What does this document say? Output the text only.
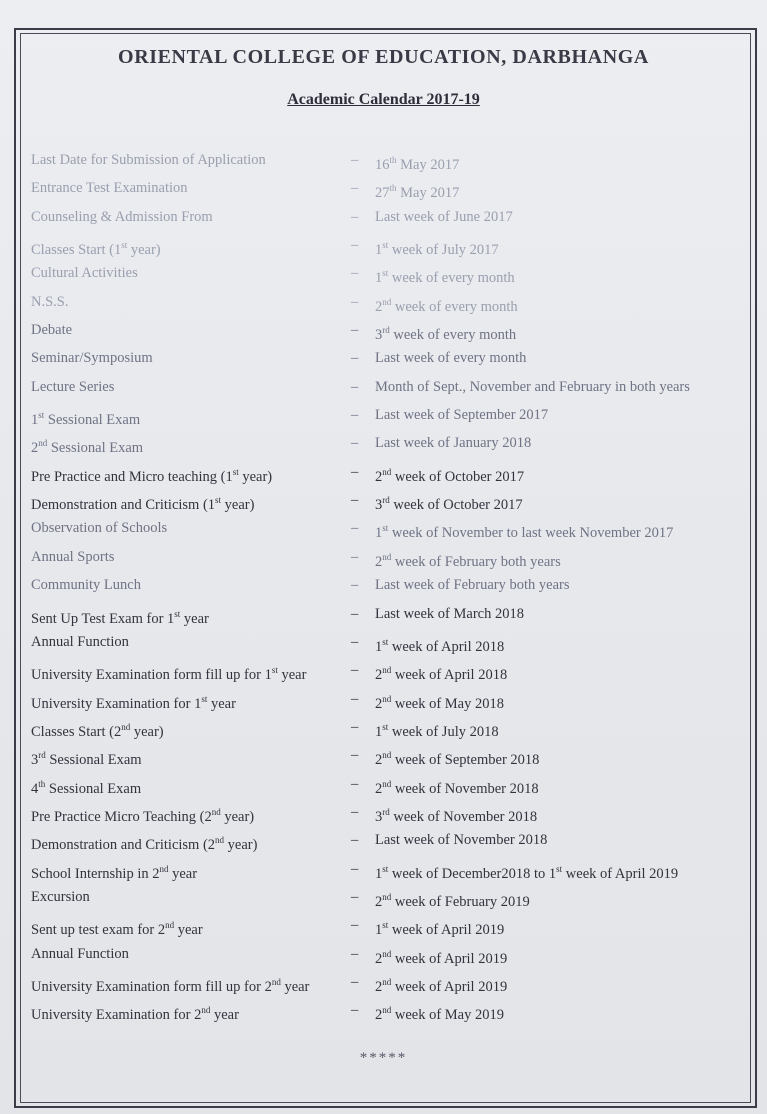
ORIENTAL COLLEGE OF EDUCATION, DARBHANGA
Academic Calendar 2017-19
Last Date for Submission of Application	– 16th May 2017
Entrance Test Examination	– 27th May 2017
Counseling & Admission From	– Last week of June 2017
Classes Start (1st year)	– 1st week of July 2017
Cultural Activities	– 1st week of every month
N.S.S.	– 2nd week of every month
Debate	– 3rd week of every month
Seminar/Symposium	– Last week of every month
Lecture Series	– Month of Sept., November and February in both years
1st Sessional Exam	– Last week of September 2017
2nd Sessional Exam	– Last week of January 2018
Pre Practice and Micro teaching (1st year)	– 2nd week of October 2017
Demonstration and Criticism (1st year)	– 3rd week of October 2017
Observation of Schools	– 1st week of November to last week November 2017
Annual Sports	– 2nd week of February both years
Community Lunch	– Last week of February both years
Sent Up Test Exam for 1st year	– Last week of March 2018
Annual Function	– 1st week of April 2018
University Examination form fill up for 1st year	– 2nd week of April 2018
University Examination for 1st year	– 2nd week of May 2018
Classes Start (2nd year)	– 1st week of July 2018
3rd Sessional Exam	– 2nd week of September 2018
4th Sessional Exam	– 2nd week of November 2018
Pre Practice Micro Teaching (2nd year)	– 3rd week of November 2018
Demonstration and Criticism (2nd year)	– Last week of November 2018
School Internship in 2nd year	– 1st week of December2018 to 1st week of April 2019
Excursion	– 2nd week of February 2019
Sent up test exam for 2nd year	– 1st week of April 2019
Annual Function	– 2nd week of April 2019
University Examination form fill up for 2nd year	– 2nd week of April 2019
University Examination for 2nd year	– 2nd week of May 2019
*****
